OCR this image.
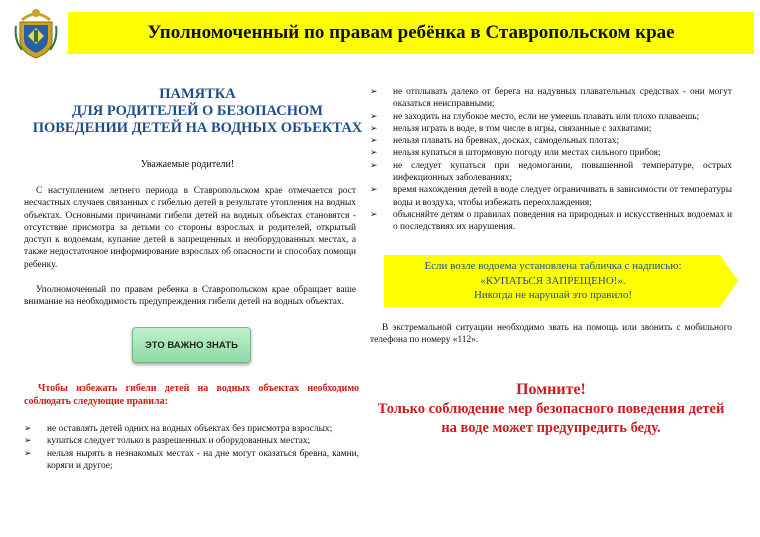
Уполномоченный по правам ребёнка в Ставропольском крае
ПАМЯТКА
ДЛЯ РОДИТЕЛЕЙ О БЕЗОПАСНОМ
ПОВЕДЕНИИ ДЕТЕЙ НА ВОДНЫХ ОБЪЕКТАХ
Уважаемые родители!

С наступлением летнего периода в Ставропольском крае отмечается рост несчастных случаев связанных с гибелью детей в результате утопления на водных объектах. Основными причинами гибели детей на водных объектах становятся - отсутствие присмотра за детьми со стороны взрослых и родителей, открытый доступ к водоемам, купание детей в запрещенных и необорудованных местах, а также недостаточное информирование взрослых об опасности и способах помощи ребенку.

Уполномоченный по правам ребенка в Ставропольском крае обращает ваше внимание на необходимость предупреждения гибели детей на водных объектах.

ЭТО ВАЖНО ЗНАТЬ
Чтобы избежать гибели детей на водных объектах необходимо соблюдать следующие правила:
➢ не оставлять детей одних на водных объектах без присмотра взрослых;
➢ купаться следует только в разрешенных и оборудованных местах;
➢ нельзя нырять в незнакомых местах - на дне могут оказаться бревна, камни, коряги и другое;
➢ не отплывать далеко от берега на надувных плавательных средствах - они могут оказаться неисправными;
➢ не заходить на глубокое место, если не умеешь плавать или плохо плаваешь;
➢ нельзя играть в воде, в том числе в игры, связанные с захватами;
➢ нельзя плавать на бревнах, досках, самодельных плотах;
➢ нельзя купаться в штормовую погоду или местах сильного прибоя;
➢ не следует купаться при недомогании, повышенной температуре, острых инфекционных заболеваниях;
➢ время нахождения детей в воде следует ограничивать в зависимости от температуры воды и воздуха, чтобы избежать переохлаждения;
➢ объясняйте детям о правилах поведения на природных и искусственных водоемах и о последствиях их нарушения.
Если возле водоема установлена табличка с надписью:
«КУПАТЬСЯ ЗАПРЕЩЕНО!».
Никогда не нарушай это правило!

В экстремальной ситуации необходимо звать на помощь или звонить с мобильного телефона по номеру «112».

Помните!
Только соблюдение мер безопасного поведения детей на воде может предупредить беду.
